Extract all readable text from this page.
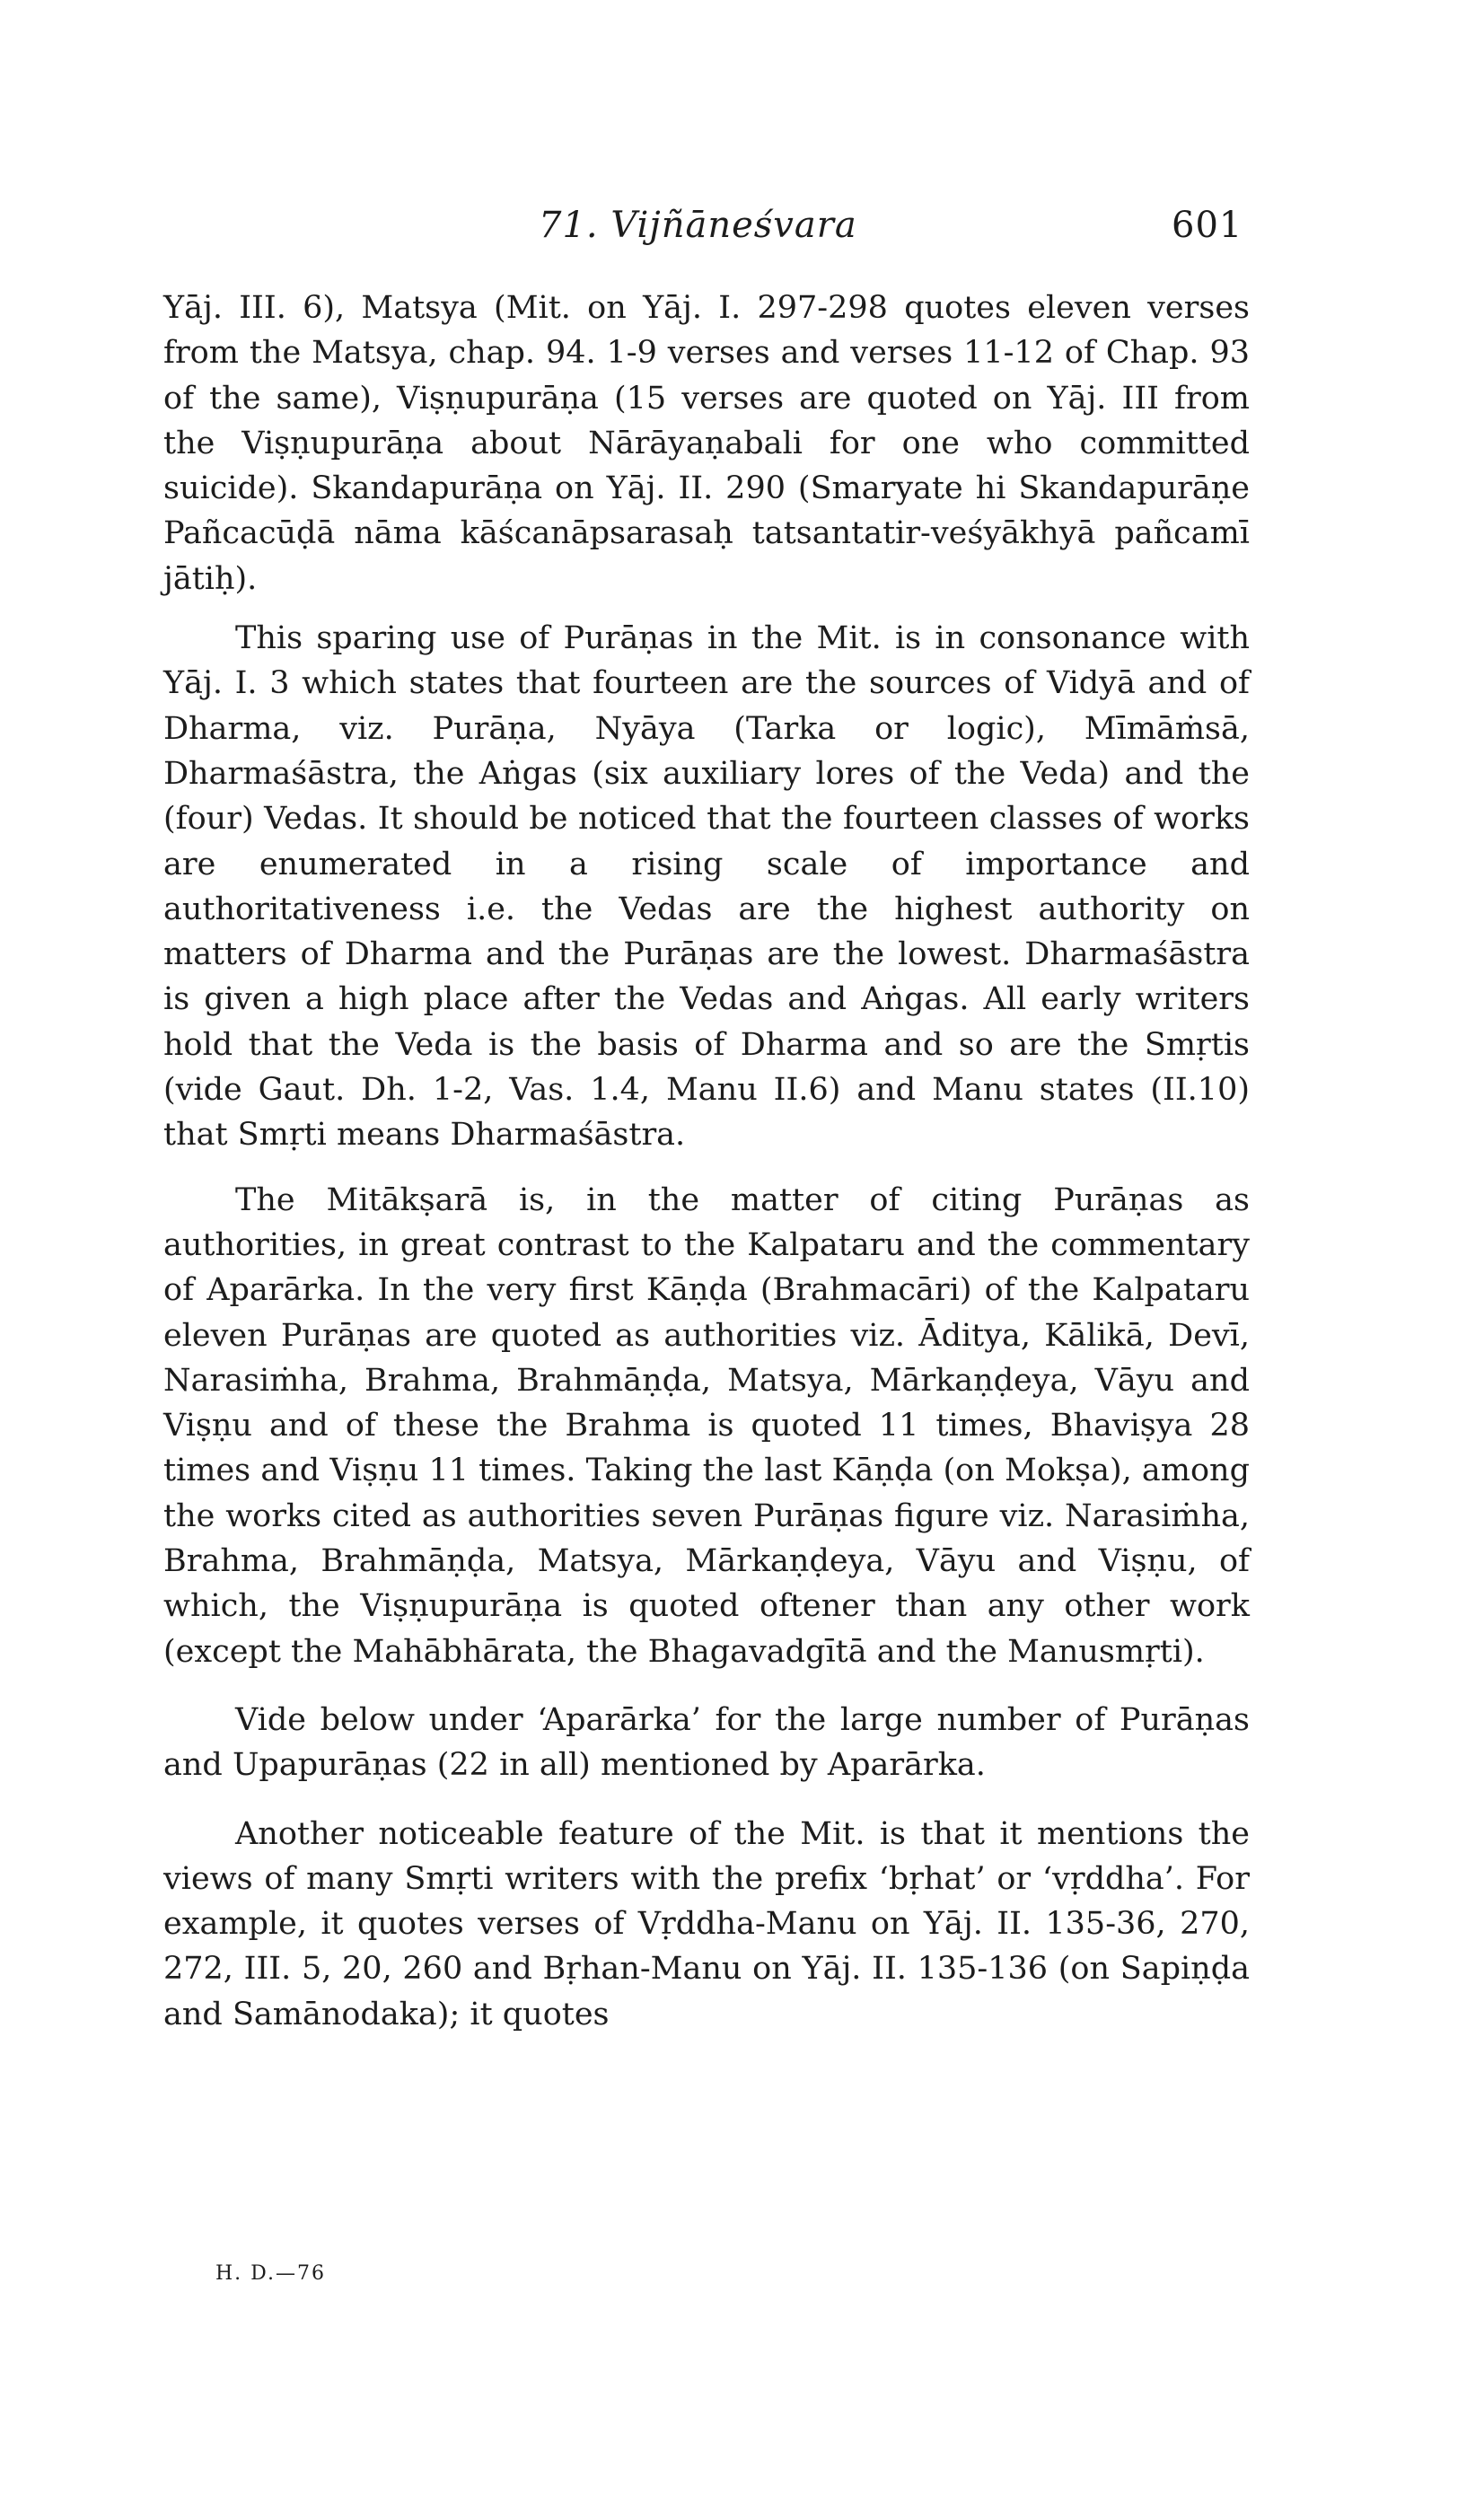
71. Vijñāneśvara	601

Yāj. III. 6), Matsya (Mit. on Yāj. I. 297-298 quotes eleven verses from the Matsya, chap. 94. 1-9 verses and verses 11-12 of Chap. 93 of the same), Viṣṇupurāṇa (15 verses are quoted on Yāj. III from the Viṣṇupurāṇa about Nārāyaṇabali for one who committed suicide). Skandapurāṇa on Yāj. II. 290 (Smaryate hi Skandapurāṇe Pañcacūḍā nāma kāścanāpsarasaḥ tatsantatir-veśyākhyā pañcamī jātiḥ).

This sparing use of Purāṇas in the Mit. is in consonance with Yāj. I. 3 which states that fourteen are the sources of Vidyā and of Dharma, viz. Purāṇa, Nyāya (Tarka or logic), Mīmāṁsā, Dharmaśāstra, the Aṅgas (six auxiliary lores of the Veda) and the (four) Vedas. It should be noticed that the fourteen classes of works are enumerated in a rising scale of importance and authoritativeness i.e. the Vedas are the highest authority on matters of Dharma and the Purāṇas are the lowest. Dharmaśāstra is given a high place after the Vedas and Aṅgas. All early writers hold that the Veda is the basis of Dharma and so are the Smṛtis (vide Gaut. Dh. 1-2, Vas. 1.4, Manu II.6) and Manu states (II.10) that Smṛti means Dharmaśāstra.

The Mitākṣarā is, in the matter of citing Purāṇas as authorities, in great contrast to the Kalpataru and the commentary of Aparārka. In the very first Kāṇḍa (Brahmacāri) of the Kalpataru eleven Purāṇas are quoted as authorities viz. Āditya, Kālikā, Devī, Narasiṁha, Brahma, Brahmāṇḍa, Matsya, Mārkaṇḍeya, Vāyu and Viṣṇu and of these the Brahma is quoted 11 times, Bhaviṣya 28 times and Viṣṇu 11 times. Taking the last Kāṇḍa (on Mokṣa), among the works cited as authorities seven Purāṇas figure viz. Narasiṁha, Brahma, Brahmāṇḍa, Matsya, Mārkaṇḍeya, Vāyu and Viṣṇu, of which, the Viṣṇupurāṇa is quoted oftener than any other work (except the Mahābhārata, the Bhagavadgītā and the Manusmṛti).

Vide below under ‘Aparārka’ for the large number of Purāṇas and Upapurāṇas (22 in all) mentioned by Aparārka.

Another noticeable feature of the Mit. is that it mentions the views of many Smṛti writers with the prefix ‘bṛhat’ or ‘vṛddha’. For example, it quotes verses of Vṛddha-Manu on Yāj. II. 135-36, 270, 272, III. 5, 20, 260 and Bṛhan-Manu on Yāj. II. 135-136 (on Sapiṇḍa and Samānodaka); it quotes

H. D.—76
